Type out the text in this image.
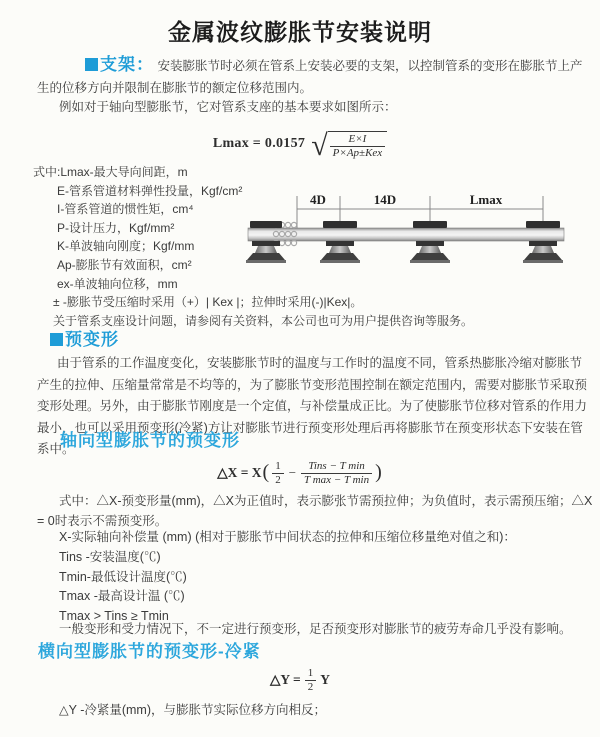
金属波纹膨胀节安装说明
支架： 安装膨胀节时必须在管系上安装必要的支架，以控制管系的变形在膨胀节上产生的位移方向并限制在膨胀节的额定位移范围内。
例如对于轴向型膨胀节，它对管系支座的基本要求如图所示：
Lmax = 0.0157 √ $\frac{E\times I}{\text{P×Ap±Kex}}$
式中:Lmax-最大导向间距，m
E-管系管道材料弹性投量，Kgf/cm²
I-管系管道的惯性矩，cm⁴
P-设计压力，Kgf/mm²
K-单波轴向刚度；Kgf/mm
Ap-膨胀节有效面积，cm²
ex-单波轴向位移，mm
± -膨胀节受压缩时采用（+）| Kex |；拉伸时采用(-)|Kex|。
关于管系支座设计问题，请参阅有关资料，本公司也可为用户提供咨询等服务。
4D	14D	Lmax
预变形
由于管系的工作温度变化，安装膨胀节时的温度与工作时的温度不同，管系热膨胀冷缩对膨胀节产生的拉伸、压缩量常常是不均等的，为了膨胀节变形范围控制在额定范围内，需要对膨胀节采取预变形处理。另外，由于膨胀节刚度是一个定值，与补偿量成正比。为了使膨胀节位移对管系的作用力最小，也可以采用预变形(冷紧)方让对膨胀节进行预变形处理后再将膨胀节在预变形状态下安装在管系中。
轴向型膨胀节的预变形
△X = X ( $\frac{1}{2} - \frac{\text{Tins − T min}}{\text{T max − T min}}$ )
式中：△X-预变形量(mm)，△X为正值时，表示膨张节需预拉伸；为负值时，表示需预压缩；△X = 0时表示不需预变形。
X-实际轴向补偿量 (mm) (相对于膨胀节中间状态的拉伸和压缩位移量绝对值之和)：
Tins -安装温度(℃)
Tmin-最低设计温度(℃)
Tmax -最高设计温 (℃)
Tmax > Tins ≥ Tmin
一般变形和受力情况下，不一定进行预变形，足否预变形对膨胀节的疲劳寿命几乎没有影响。
横向型膨胀节的预变形-冷紧
△Y = $\frac{1}{2}$ Y
△Y -冷紧量(mm)，与膨胀节实际位移方向相反；
